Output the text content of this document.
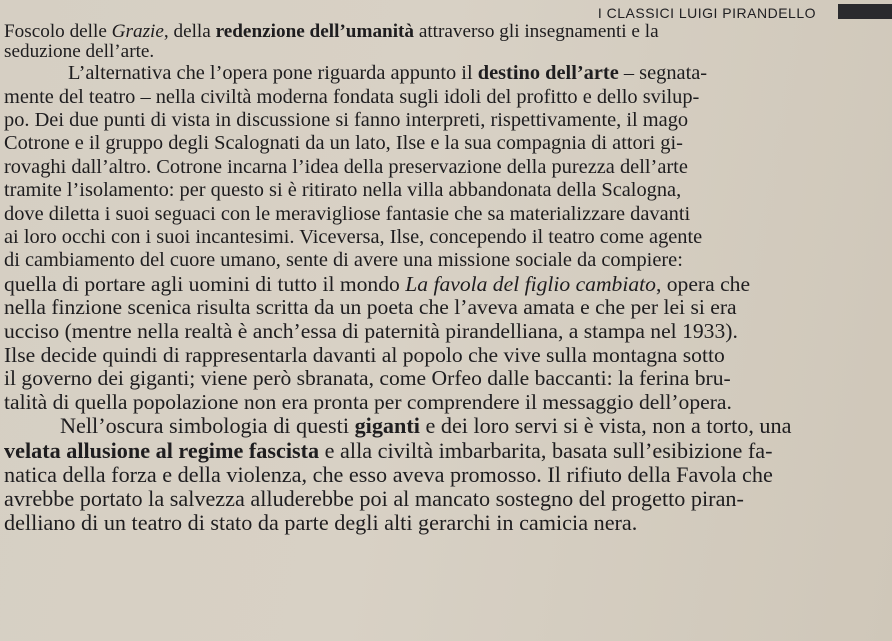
I CLASSICI LUIGI PIRANDELLO
Foscolo delle Grazie, della redenzione dell’umanità attraverso gli insegnamenti e la
seduzione dell’arte.
L’alternativa che l’opera pone riguarda appunto il destino dell’arte – segnata-
mente del teatro – nella civiltà moderna fondata sugli idoli del profitto e dello svilup-
po. Dei due punti di vista in discussione si fanno interpreti, rispettivamente, il mago
Cotrone e il gruppo degli Scalognati da un lato, Ilse e la sua compagnia di attori gi-
rovaghi dall’altro. Cotrone incarna l’idea della preservazione della purezza dell’arte
tramite l’isolamento: per questo si è ritirato nella villa abbandonata della Scalogna,
dove diletta i suoi seguaci con le meravigliose fantasie che sa materializzare davanti
ai loro occhi con i suoi incantesimi. Viceversa, Ilse, concependo il teatro come agente
di cambiamento del cuore umano, sente di avere una missione sociale da compiere:
quella di portare agli uomini di tutto il mondo La favola del figlio cambiato, opera che
nella finzione scenica risulta scritta da un poeta che l’aveva amata e che per lei si era
ucciso (mentre nella realtà è anch’essa di paternità pirandelliana, a stampa nel 1933).
Ilse decide quindi di rappresentarla davanti al popolo che vive sulla montagna sotto
il governo dei giganti; viene però sbranata, come Orfeo dalle baccanti: la ferina bru-
talità di quella popolazione non era pronta per comprendere il messaggio dell’opera.
Nell’oscura simbologia di questi giganti e dei loro servi si è vista, non a torto, una
velata allusione al regime fascista e alla civiltà imbarbarita, basata sull’esibizione fa-
natica della forza e della violenza, che esso aveva promosso. Il rifiuto della Favola che
avrebbe portato la salvezza alluderebbe poi al mancato sostegno del progetto piran-
delliano di un teatro di stato da parte degli alti gerarchi in camicia nera.
